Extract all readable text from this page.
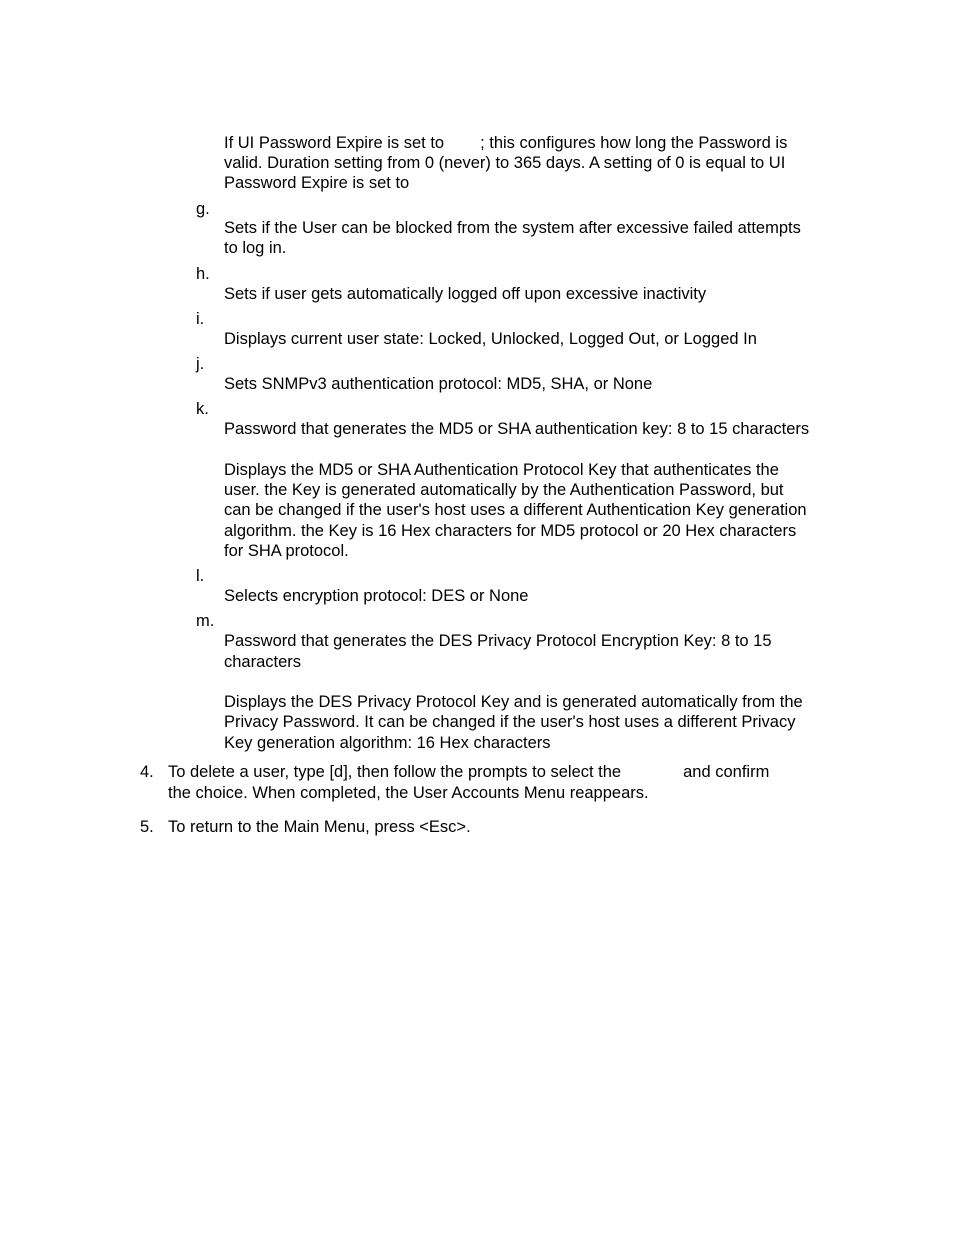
If UI Password Expire is set to ; this configures how long the Password is
valid. Duration setting from 0 (never) to 365 days. A setting of 0 is equal to UI
Password Expire is set to
g.
Sets if the User can be blocked from the system after excessive failed attempts
to log in.
h.
Sets if user gets automatically logged off upon excessive inactivity
i.
Displays current user state: Locked, Unlocked, Logged Out, or Logged In
j.
Sets SNMPv3 authentication protocol: MD5, SHA, or None
k.
Password that generates the MD5 or SHA authentication key: 8 to 15 characters
Displays the MD5 or SHA Authentication Protocol Key that authenticates the
user. the Key is generated automatically by the Authentication Password, but
can be changed if the user's host uses a different Authentication Key generation
algorithm. the Key is 16 Hex characters for MD5 protocol or 20 Hex characters
for SHA protocol.
l.
Selects encryption protocol: DES or None
m.
Password that generates the DES Privacy Protocol Encryption Key: 8 to 15
characters
Displays the DES Privacy Protocol Key and is generated automatically from the
Privacy Password. It can be changed if the user's host uses a different Privacy
Key generation algorithm: 16 Hex characters
4. To delete a user, type [d], then follow the prompts to select the	and confirm
the choice. When completed, the User Accounts Menu reappears.
5. To return to the Main Menu, press <Esc>.
